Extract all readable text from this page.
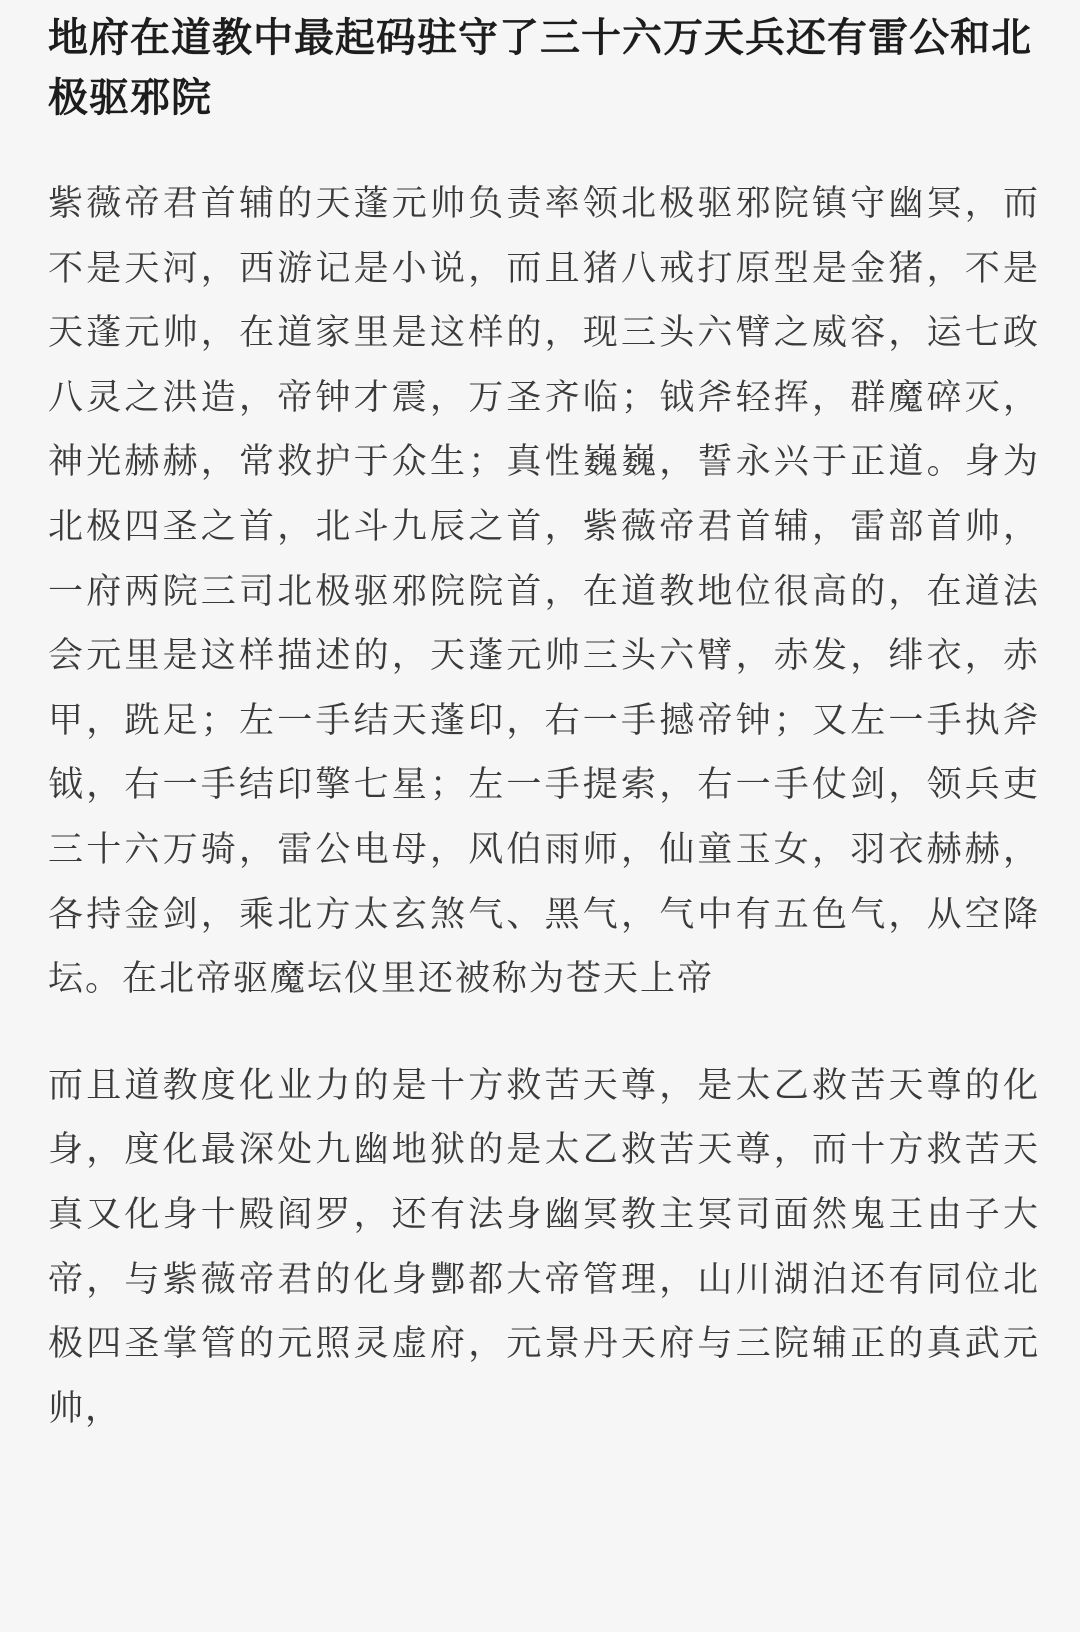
地府在道教中最起码驻守了三十六万天兵还有雷公和北极驱邪院

紫薇帝君首辅的天蓬元帅负责率领北极驱邪院镇守幽冥，而不是天河，西游记是小说，而且猪八戒打原型是金猪，不是天蓬元帅，在道家里是这样的，现三头六臂之威容，运七政八灵之洪造，帝钟才震，万圣齐临；钺斧轻挥，群魔碎灭，神光赫赫，常救护于众生；真性巍巍，誓永兴于正道。身为北极四圣之首，北斗九辰之首，紫薇帝君首辅，雷部首帅，一府两院三司北极驱邪院院首，在道教地位很高的，在道法会元里是这样描述的，天蓬元帅三头六臂，赤发，绯衣，赤甲，跣足；左一手结天蓬印，右一手撼帝钟；又左一手执斧钺，右一手结印擎七星；左一手提索，右一手仗剑，领兵吏三十六万骑，雷公电母，风伯雨师，仙童玉女，羽衣赫赫，各持金剑，乘北方太玄煞气、黑气，气中有五色气，从空降坛。在北帝驱魔坛仪里还被称为苍天上帝

而且道教度化业力的是十方救苦天尊，是太乙救苦天尊的化身，度化最深处九幽地狱的是太乙救苦天尊，而十方救苦天真又化身十殿阎罗，还有法身幽冥教主冥司面然鬼王由子大帝，与紫薇帝君的化身酆都大帝管理，山川湖泊还有同位北极四圣掌管的元照灵虚府，元景丹天府与三院辅正的真武元帅，
